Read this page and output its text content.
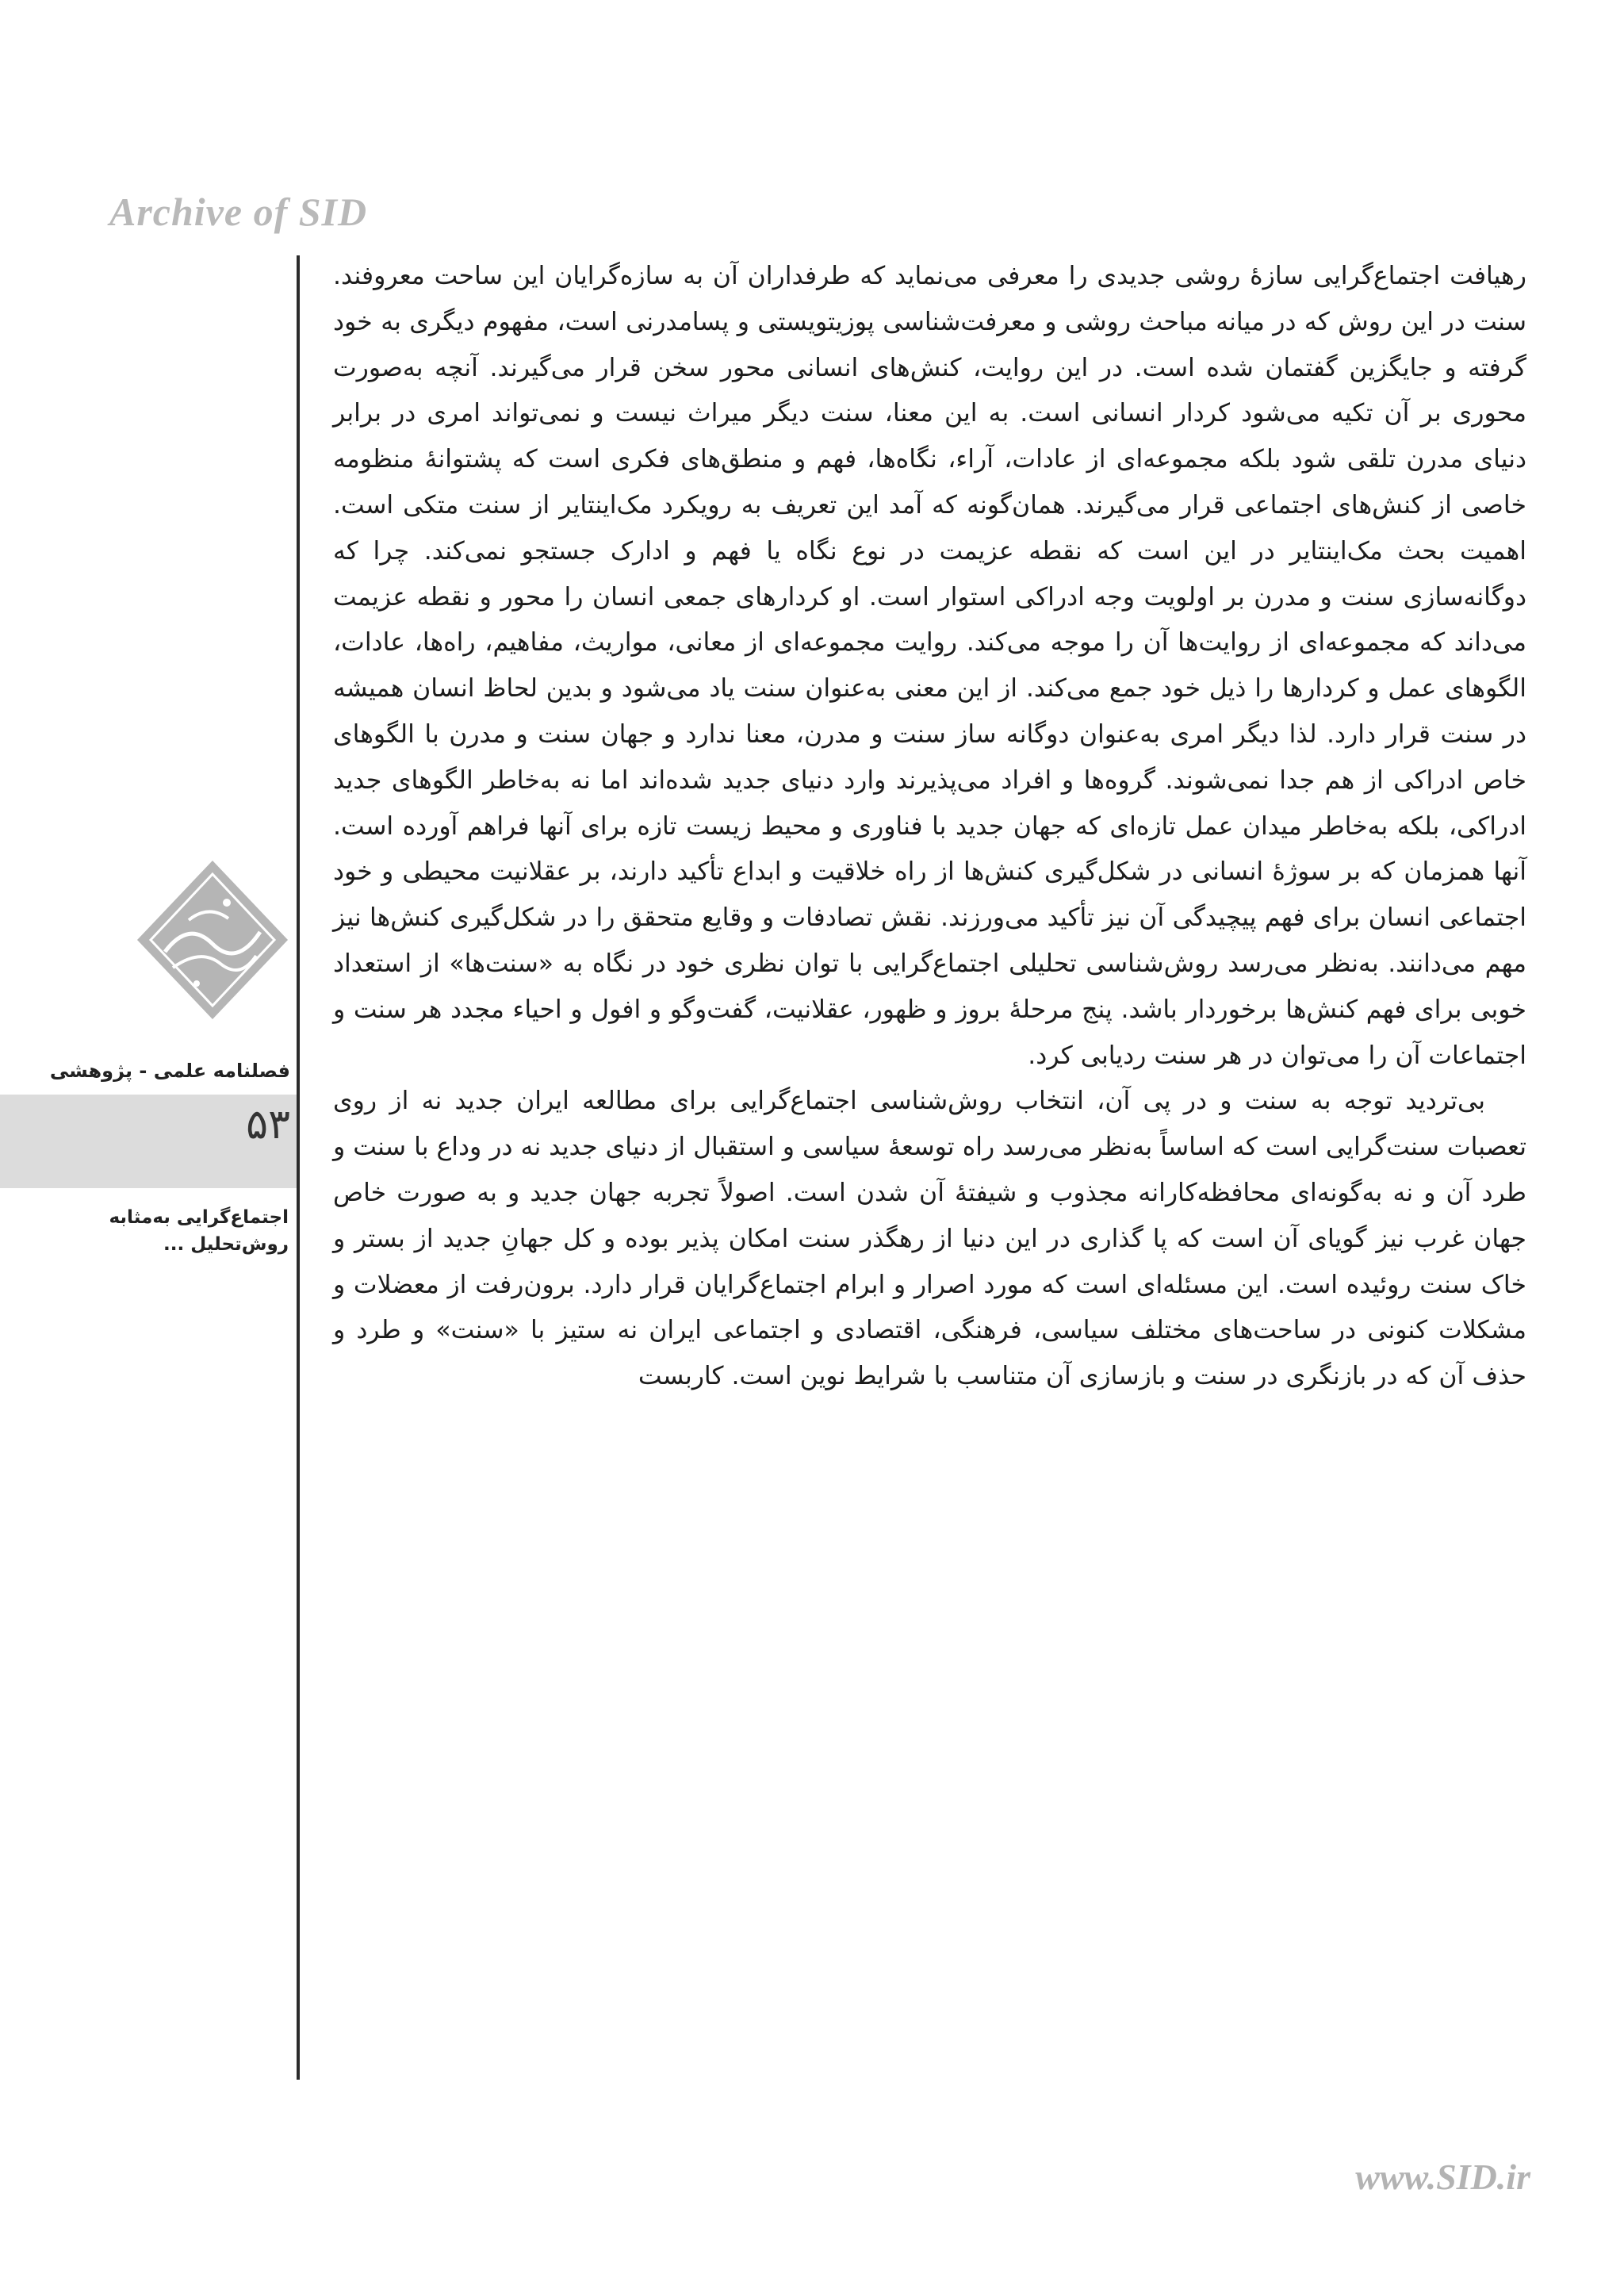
Archive of SID

رهیافت اجتماع‌گرایی سازهٔ روشی جدیدی را معرفی می‌نماید که طرفداران آن به سازه‌گرایان این ساحت معروفند. سنت در این روش که در میانه مباحث روشی و معرفت‌شناسی پوزیتویستی و پسامدرنی است، مفهوم دیگری به خود گرفته و جایگزین گفتمان شده است. در این روایت، کنش‌های انسانی محور سخن قرار می‌گیرند. آنچه به‌صورت محوری بر آن تکیه می‌شود کردار انسانی است. به این معنا، سنت دیگر میراث نیست و نمی‌تواند امری در برابر دنیای مدرن تلقی شود بلکه مجموعه‌ای از عادات، آراء، نگاه‌ها، فهم و منطق‌های فکری است که پشتوانهٔ منظومه خاصی از کنش‌های اجتماعی قرار می‌گیرند. همان‌گونه که آمد این تعریف به رویکرد مک‌اینتایر از سنت متکی است. اهمیت بحث مک‌اینتایر در این است که نقطه عزیمت در نوع نگاه یا فهم و ادارک جستجو نمی‌کند. چرا که دوگانه‌سازی سنت و مدرن بر اولویت وجه ادراکی استوار است. او کردارهای جمعی انسان را محور و نقطه عزیمت می‌داند که مجموعه‌ای از روایت‌ها آن را موجه می‌کند. روایت مجموعه‌ای از معانی، مواریث، مفاهیم، راه‌ها، عادات، الگوهای عمل و کردارها را ذیل خود جمع می‌کند. از این معنی به‌عنوان سنت یاد می‌شود و بدین لحاظ انسان همیشه در سنت قرار دارد. لذا دیگر امری به‌عنوان دوگانه ساز سنت و مدرن، معنا ندارد و جهان سنت و مدرن با الگوهای خاص ادراکی از هم جدا نمی‌شوند. گروه‌ها و افراد می‌پذیرند وارد دنیای جدید شده‌اند اما نه به‌خاطر الگوهای جدید ادراکی، بلکه به‌خاطر میدان عمل تازه‌ای که جهان جدید با فناوری و محیط زیست تازه برای آنها فراهم آورده است. آنها همزمان که بر سوژهٔ انسانی در شکل‌گیری کنش‌ها از راه خلاقیت و ابداع تأکید دارند، بر عقلانیت محیطی و خود اجتماعی انسان برای فهم پیچیدگی آن نیز تأکید می‌ورزند. نقش تصادفات و وقایع متحقق را در شکل‌گیری کنش‌ها نیز مهم می‌دانند. به‌نظر می‌رسد روش‌شناسی تحلیلی اجتماع‌گرایی با توان نظری خود در نگاه به «سنت‌ها» از استعداد خوبی برای فهم کنش‌ها برخوردار باشد. پنج مرحلهٔ بروز و ظهور، عقلانیت، گفت‌وگو و افول و احیاء مجدد هر سنت و اجتماعات آن را می‌توان در هر سنت ردیابی کرد.

بی‌تردید توجه به سنت و در پی آن، انتخاب روش‌شناسی اجتماع‌گرایی برای مطالعه ایران جدید نه از روی تعصبات سنت‌گرایی است که اساساً به‌نظر می‌رسد راه توسعهٔ سیاسی و استقبال از دنیای جدید نه در وداع با سنت و طرد آن و نه به‌گونه‌ای محافظه‌کارانه مجذوب و شیفتهٔ آن شدن است. اصولاً تجربه جهان جدید و به صورت خاص جهان غرب نیز گویای آن است که پا گذاری در این دنیا از رهگذر سنت امکان پذیر بوده و کل جهانِ جدید از بستر و خاک سنت روئیده است. این مسئله‌ای است که مورد اصرار و ابرام اجتماع‌گرایان قرار دارد. برون‌رفت از معضلات و مشکلات کنونی در ساحت‌های مختلف سیاسی، فرهنگی، اقتصادی و اجتماعی ایران نه ستیز با «سنت» و طرد و حذف آن که در بازنگری در سنت و بازسازی آن متناسب با شرایط نوین است. کاربست

فصلنامه علمی - پژوهشی
۵۳
اجتماع‌گرایی به‌مثابه
روش‌تحلیل ...
www.SID.ir
